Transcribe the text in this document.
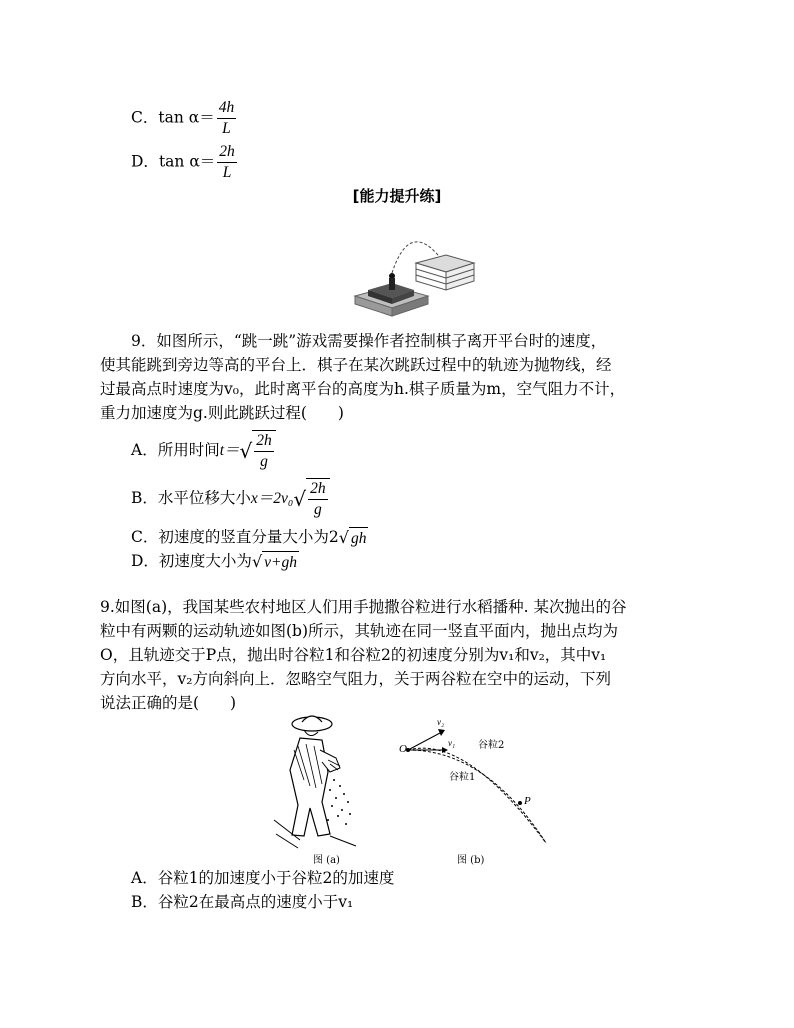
C．$\tan \alpha= \frac{4h}{L}$
D．$\tan \alpha= \frac{2h}{L}$
[能力提升练]
9．如图所示，“跳一跳”游戏需要操作者控制棋子离开平台时的速度，
使其能跳到旁边等高的平台上．棋子在某次跳跃过程中的轨迹为抛物线，经
过最高点时速度为v₀，此时离平台的高度为h.棋子质量为m，空气阻力不计，
重力加速度为g.则此跳跃过程(　　)
A．所用时间t＝ √ $\frac{2h}{g}$
B．水平位移大小x＝2v₀ √ $\frac{2h}{g}$
C．初速度的竖直分量大小为2 √ gh
D．初速度大小为 √ v+gh
9.如图(a)，我国某些农村地区人们用手抛撒谷粒进行水稻播种. 某次抛出的谷
粒中有两颗的运动轨迹如图(b)所示，其轨迹在同一竖直平面内，抛出点均为
O，且轨迹交于P点，抛出时谷粒1和谷粒2的初速度分别为v₁和v₂，其中v₁
方向水平，v₂方向斜向上．忽略空气阻力，关于两谷粒在空中的运动，下列
说法正确的是(　　)
图 (a)
O	v₁
v₂
谷粒2
谷粒1
P
图 (b)
A．谷粒1的加速度小于谷粒2的加速度
B．谷粒2在最高点的速度小于v₁
